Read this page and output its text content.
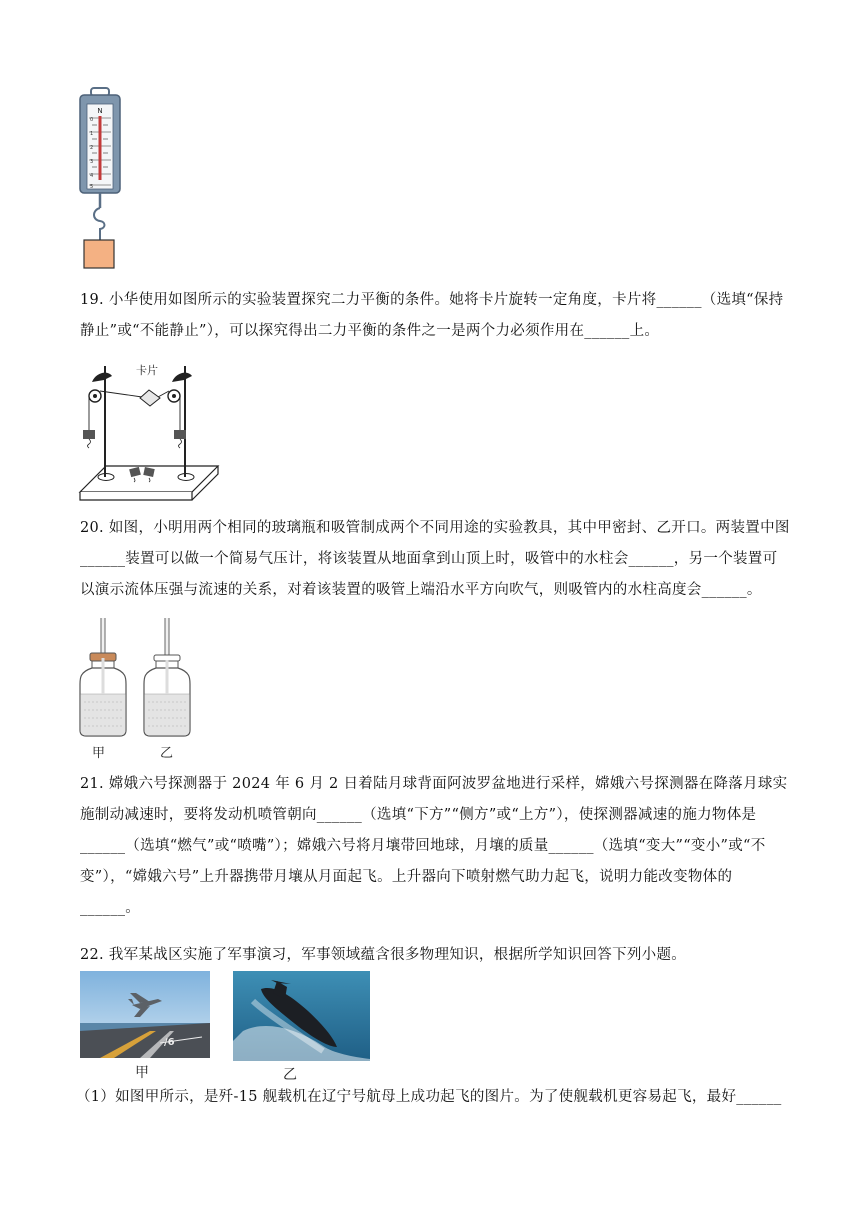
N
0
1
2
3
4
5
19. 小华使用如图所示的实验装置探究二力平衡的条件。她将卡片旋转一定角度，卡片将______（选填“保持静止”或“不能静止”），可以探究得出二力平衡的条件之一是两个力必须作用在______上。
卡片
20. 如图，小明用两个相同的玻璃瓶和吸管制成两个不同用途的实验教具，其中甲密封、乙开口。两装置中图______装置可以做一个简易气压计，将该装置从地面拿到山顶上时，吸管中的水柱会______，另一个装置可以演示流体压强与流速的关系，对着该装置的吸管上端沿水平方向吹气，则吸管内的水柱高度会______。
甲	乙
21. 嫦娥六号探测器于 2024 年 6 月 2 日着陆月球背面阿波罗盆地进行采样，嫦娥六号探测器在降落月球实施制动减速时，要将发动机喷管朝向______（选填“下方”“侧方”或“上方”），使探测器减速的施力物体是______（选填“燃气”或“喷嘴”）；嫦娥六号将月壤带回地球，月壤的质量______（选填“变大”“变小”或“不变”），“嫦娥六号”上升器携带月壤从月面起飞。上升器向下喷射燃气助力起飞，说明力能改变物体的______。
22. 我军某战区实施了军事演习，军事领域蕴含很多物理知识，根据所学知识回答下列小题。
/6
甲	乙
（1）如图甲所示，是歼-15 舰载机在辽宁号航母上成功起飞的图片。为了使舰载机更容易起飞，最好______
